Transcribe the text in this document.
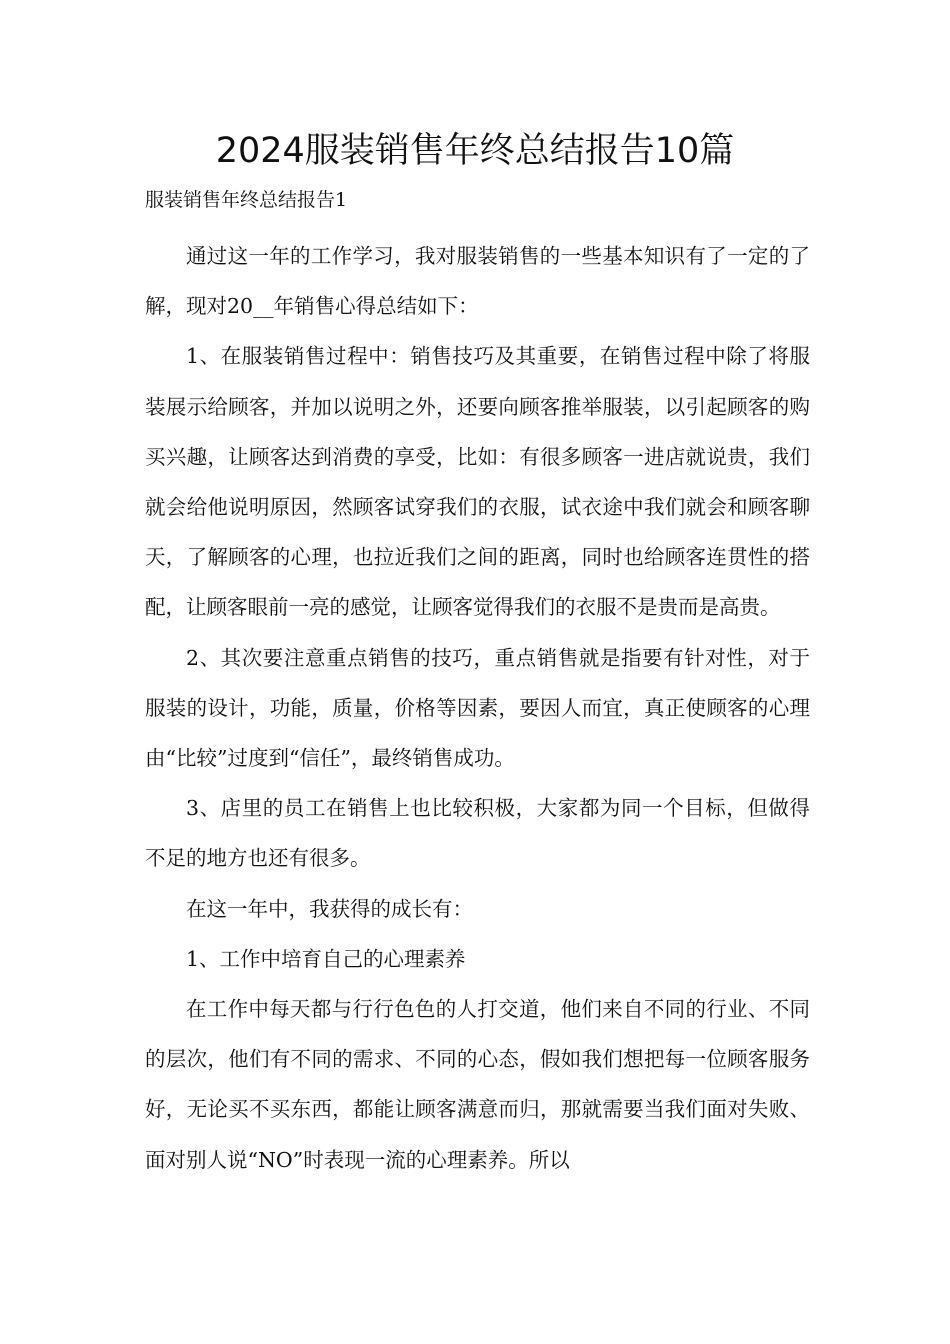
2024服装销售年终总结报告10篇
服装销售年终总结报告1

通过这一年的工作学习，我对服装销售的一些基本知识有了一定的了解，现对20__年销售心得总结如下：

1、在服装销售过程中：销售技巧及其重要，在销售过程中除了将服装展示给顾客，并加以说明之外，还要向顾客推举服装，以引起顾客的购买兴趣，让顾客达到消费的享受，比如：有很多顾客一进店就说贵，我们就会给他说明原因，然顾客试穿我们的衣服，试衣途中我们就会和顾客聊天，了解顾客的心理，也拉近我们之间的距离，同时也给顾客连贯性的搭配，让顾客眼前一亮的感觉，让顾客觉得我们的衣服不是贵而是高贵。

2、其次要注意重点销售的技巧，重点销售就是指要有针对性，对于服装的设计，功能，质量，价格等因素，要因人而宜，真正使顾客的心理由“比较”过度到“信任”，最终销售成功。

3、店里的员工在销售上也比较积极，大家都为同一个目标，但做得不足的地方也还有很多。

在这一年中，我获得的成长有：

1、工作中培育自己的心理素养

在工作中每天都与行行色色的人打交道，他们来自不同的行业、不同的层次，他们有不同的需求、不同的心态，假如我们想把每一位顾客服务好，无论买不买东西，都能让顾客满意而归，那就需要当我们面对失败、面对别人说“NO”时表现一流的心理素养。所以
